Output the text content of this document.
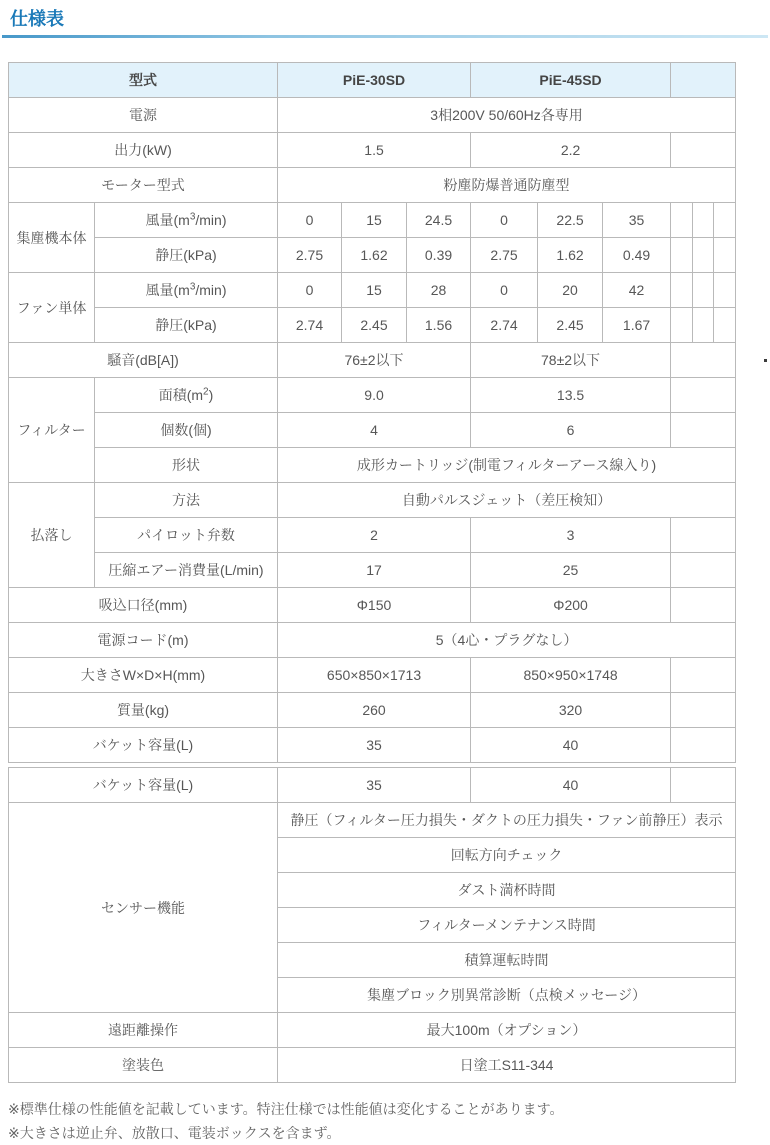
仕様表
型式		PiE-30SD			PiE-45SD					
電源		3相200V 50/60Hz各専用								
出力(kW)		1.5			2.2					
モーター型式		粉塵防爆普通防塵型								
集塵機本体	風量$(m^3/\min)$	0	15	24.5	0	22.5	35			
	静圧(kPa)	2.75	1.62	0.39	2.75	1.62	0.49			
ファン単体	風量$(m^3/\min)$	0	15	28	0	20	42			
	静圧(kPa)	2.74	2.45	1.56	2.74	2.45	1.67			
騒音(dB[A])		76±2以下			78±2以下					
フィルター	面積$(m^2)$	9.0			13.5					
	個数(個)	4			6					
	形状	成形カートリッジ(制電フィルターアース線入り)								
払落し	方法	自動パルスジェット（差圧検知）								
	パイロット弁数	2			3					
	圧縮エアー消費量(L/min)	17			25					
吸込口径(mm)		Φ150			Φ200					
電源コード(m)		5（4心・プラグなし）								
大きさW×D×H(mm)		650×850×1713			850×950×1748					
質量(kg)		260			320					
バケット容量(L)		35			40					
バケット容量(L)	35	40	
センサー機能	静圧（フィルター圧力損失・ダクトの圧力損失・ファン前静圧）表示		
	回転方向チェック		
	ダスト満杯時間		
	フィルターメンテナンス時間		
	積算運転時間		
	集塵ブロック別異常診断（点検メッセージ）		
遠距離操作	最大100m（オプション）		
塗装色	日塗工S11-344		
※標準仕様の性能値を記載しています。特注仕様では性能値は変化することがあります。
※大きさは逆止弁、放散口、電装ボックスを含まず。
